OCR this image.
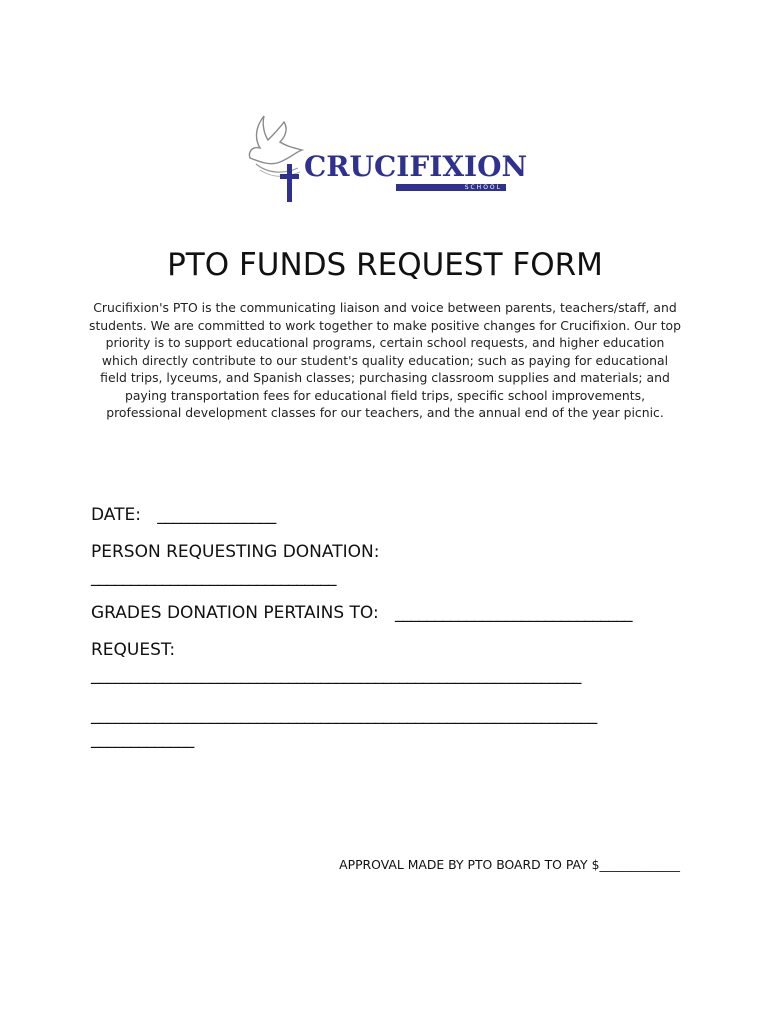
CRUCIFIXION
SCHOOL
PTO FUNDS REQUEST FORM
Crucifixion's PTO is the communicating liaison and voice between parents, teachers/staff, and students. We are committed to work together to make positive changes for Crucifixion. Our top priority is to support educational programs, certain school requests, and higher education which directly contribute to our student's quality education; such as paying for educational field trips, lyceums, and Spanish classes; purchasing classroom supplies and materials; and paying transportation fees for educational field trips, specific school improvements, professional development classes for our teachers, and the annual end of the year picnic.
DATE: _______________
PERSON REQUESTING DONATION:
_______________________________
GRADES DONATION PERTAINS TO: ______________________________
REQUEST:
______________________________________________________________
________________________________________________________________
_____________
APPROVAL MADE BY PTO BOARD TO PAY $_____________
